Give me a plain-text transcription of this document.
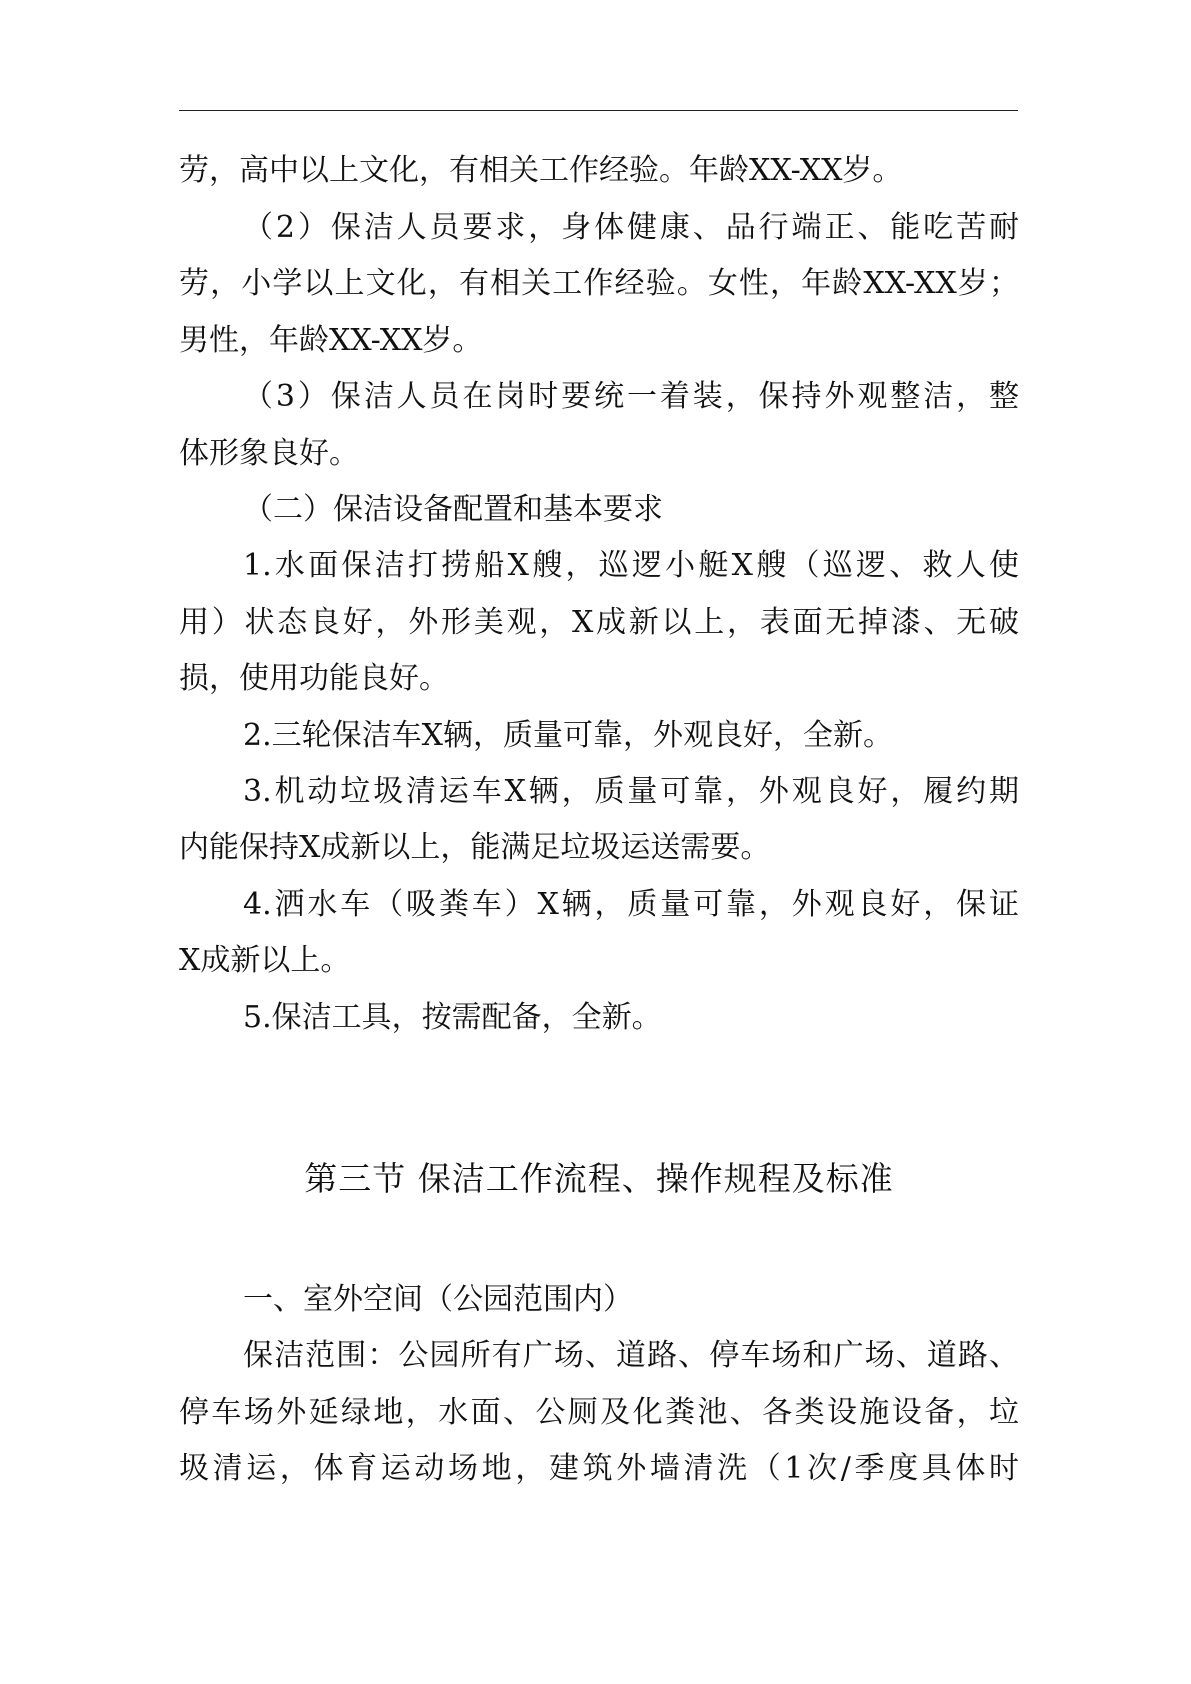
劳，高中以上文化，有相关工作经验。年龄XX-XX岁。
（2）保洁人员要求，身体健康、品行端正、能吃苦耐
劳，小学以上文化，有相关工作经验。女性，年龄XX-XX岁；
男性，年龄XX-XX岁。
（3）保洁人员在岗时要统一着装，保持外观整洁，整
体形象良好。
（二）保洁设备配置和基本要求
1.水面保洁打捞船X艘，巡逻小艇X艘（巡逻、救人使
用）状态良好，外形美观，X成新以上，表面无掉漆、无破
损，使用功能良好。
2.三轮保洁车X辆，质量可靠，外观良好，全新。
3.机动垃圾清运车X辆，质量可靠，外观良好，履约期
内能保持X成新以上，能满足垃圾运送需要。
4.洒水车（吸粪车）X辆，质量可靠，外观良好，保证
X成新以上。
5.保洁工具，按需配备，全新。
第三节 保洁工作流程、操作规程及标准
一、室外空间（公园范围内）
保洁范围：公园所有广场、道路、停车场和广场、道路、
停车场外延绿地，水面、公厕及化粪池、各类设施设备，垃
圾清运，体育运动场地，建筑外墙清洗（1次/季度具体时
